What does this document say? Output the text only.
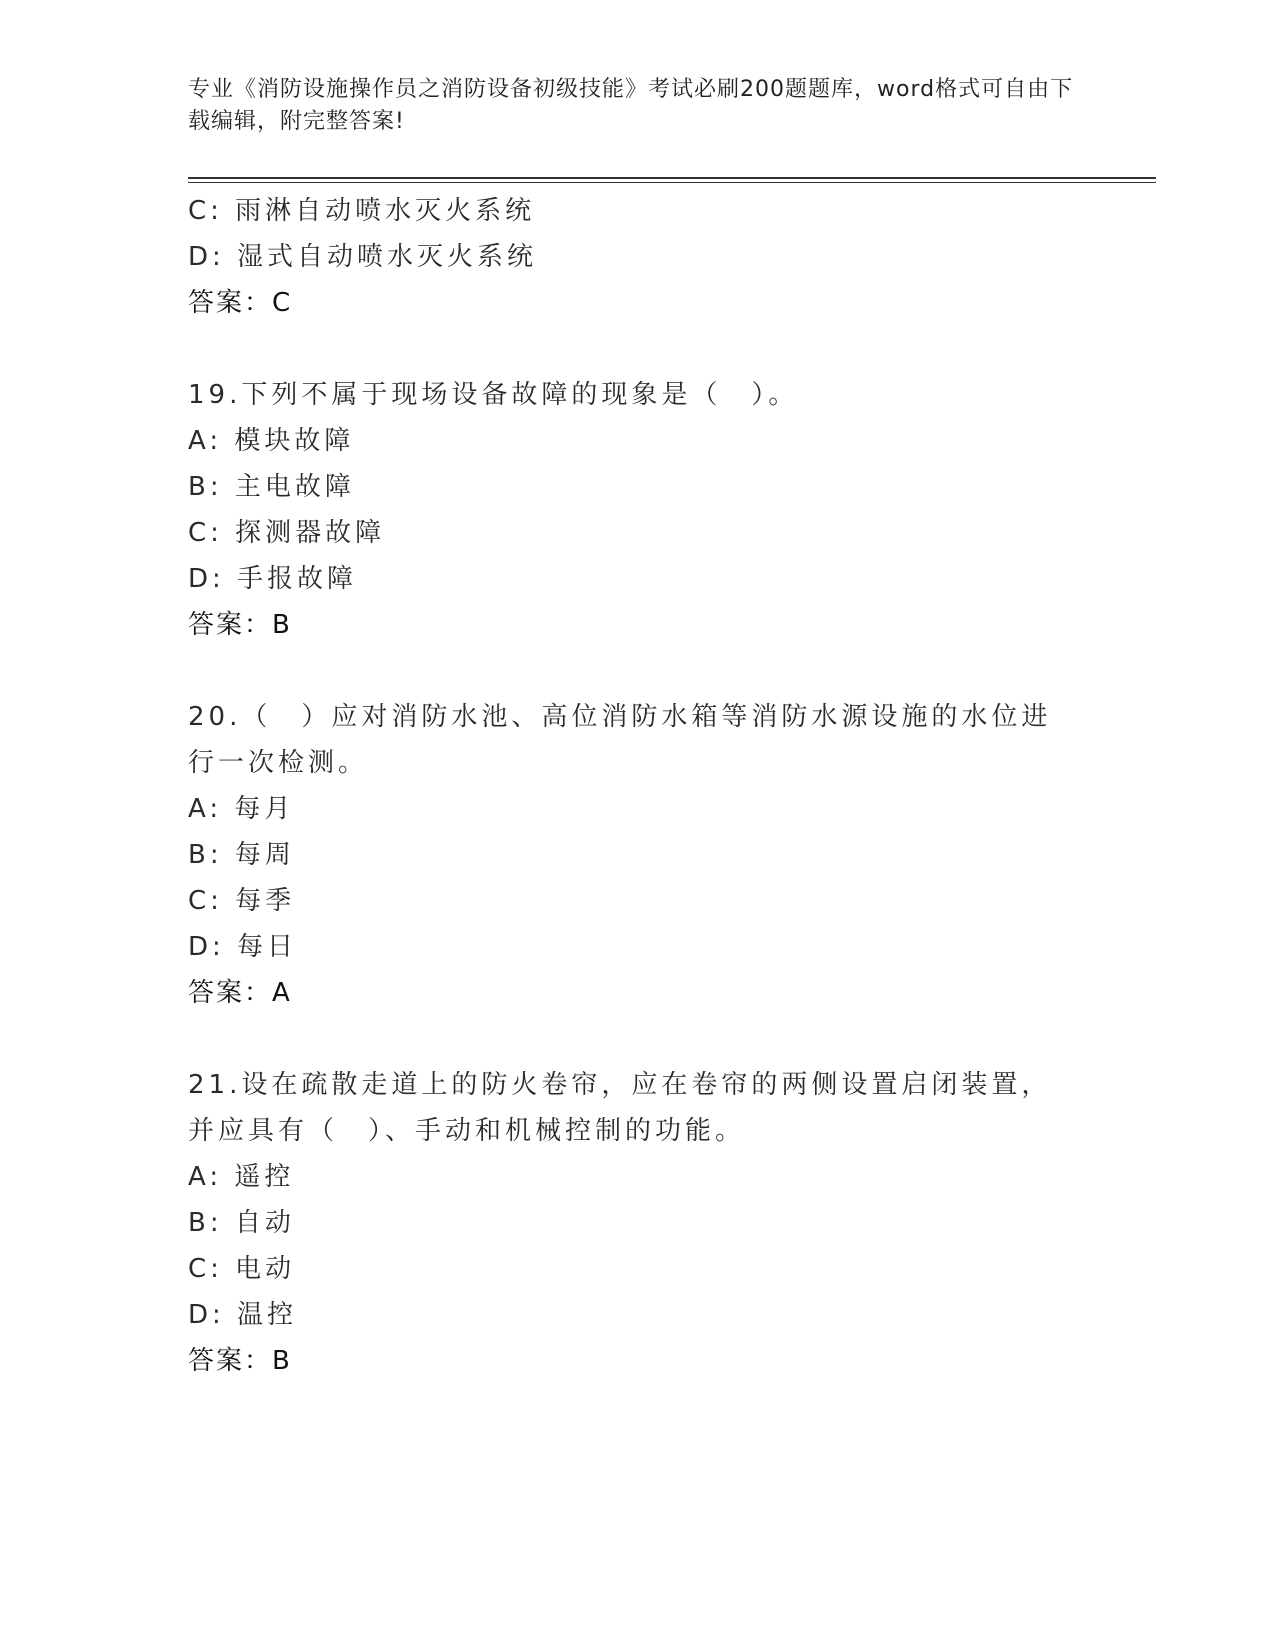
专业《消防设施操作员之消防设备初级技能》考试必刷200题题库，word格式可自由下载编辑，附完整答案!
C: 雨淋自动喷水灭火系统
D: 湿式自动喷水灭火系统
答案：C
19.下列不属于现场设备故障的现象是（　）。
A: 模块故障
B: 主电故障
C: 探测器故障
D: 手报故障
答案：B
20.（　）应对消防水池、高位消防水箱等消防水源设施的水位进行一次检测。
A: 每月
B: 每周
C: 每季
D: 每日
答案：A
21.设在疏散走道上的防火卷帘，应在卷帘的两侧设置启闭装置，并应具有（　）、手动和机械控制的功能。
A: 遥控
B: 自动
C: 电动
D: 温控
答案：B
